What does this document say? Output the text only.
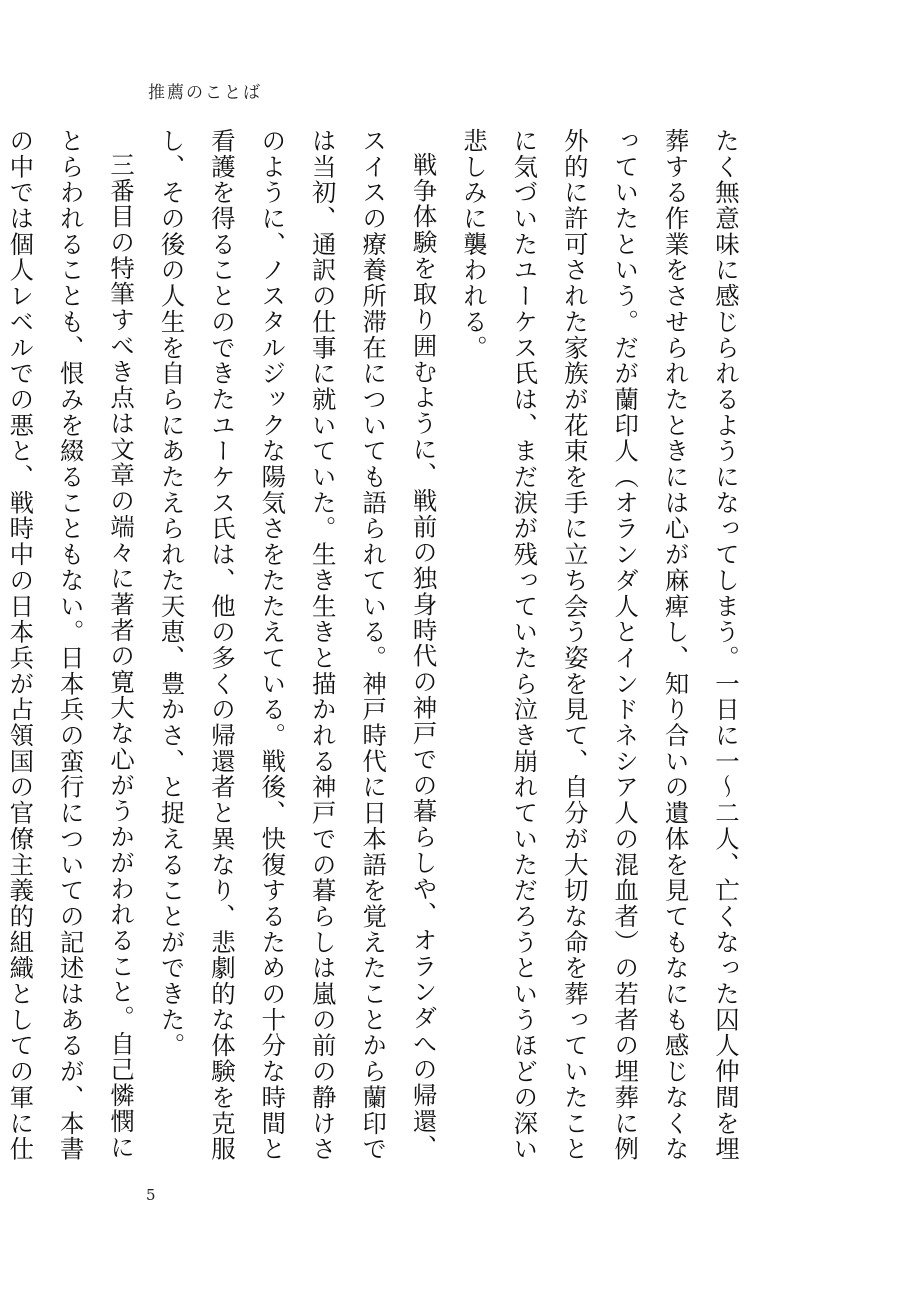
推薦のことば

たく無意味に感じられるようになってしまう。一日に一～二人、亡くなった囚人仲間を埋葬する作業をさせられたときには心が麻痺し、知り合いの遺体を見てもなにも感じなくなっていたという。だが蘭印人（オランダ人とインドネシア人の混血者）の若者の埋葬に例外的に許可された家族が花束を手に立ち会う姿を見て、自分が大切な命を葬っていたことに気づいたユーケス氏は、まだ涙が残っていたら泣き崩れていただろうというほどの深い悲しみに襲われる。

戦争体験を取り囲むように、戦前の独身時代の神戸での暮らしや、オランダへの帰還、スイスの療養所滞在についても語られている。神戸時代に日本語を覚えたことから蘭印では当初、通訳の仕事に就いていた。生き生きと描かれる神戸での暮らしは嵐の前の静けさのように、ノスタルジックな陽気さをたたえている。戦後、快復するための十分な時間と看護を得ることのできたユーケス氏は、他の多くの帰還者と異なり、悲劇的な体験を克服し、その後の人生を自らにあたえられた天恵、豊かさ、と捉えることができた。

三番目の特筆すべき点は文章の端々に著者の寛大な心がうかがわれること。自己憐憫にとらわれることも、恨みを綴ることもない。日本兵の蛮行についての記述はあるが、本書の中では個人レベルでの悪と、戦時中の日本兵が占領国の官僚主義的組織としての軍に仕

5
